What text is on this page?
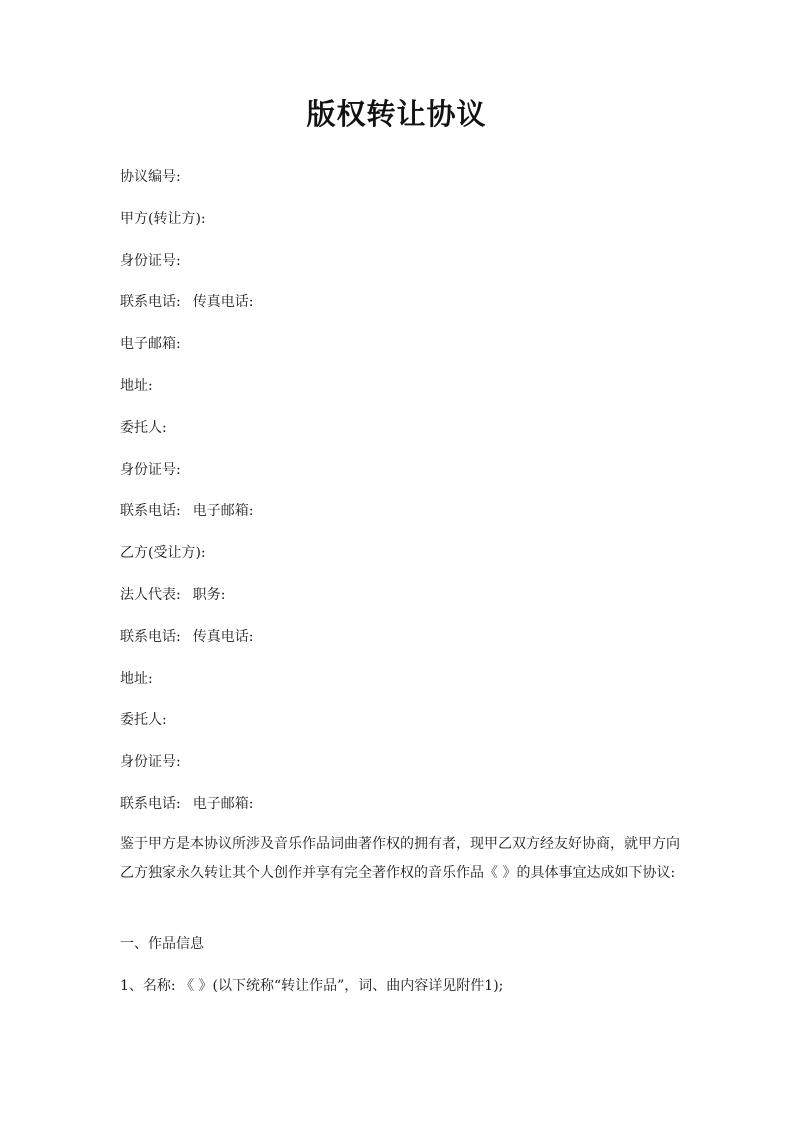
版权转让协议
协议编号:
甲方(转让方):
身份证号:
联系电话: 传真电话:
电子邮箱:
地址:
委托人:
身份证号:
联系电话: 电子邮箱:
乙方(受让方):
法人代表: 职务:
联系电话: 传真电话:
地址:
委托人:
身份证号:
联系电话: 电子邮箱:

鉴于甲方是本协议所涉及音乐作品词曲著作权的拥有者，现甲乙双方经友好协商，就甲方向乙方独家永久转让其个人创作并享有完全著作权的音乐作品《 》的具体事宜达成如下协议:

一、作品信息
1、名称: 《 》(以下统称“转让作品”，词、曲内容详见附件1);
